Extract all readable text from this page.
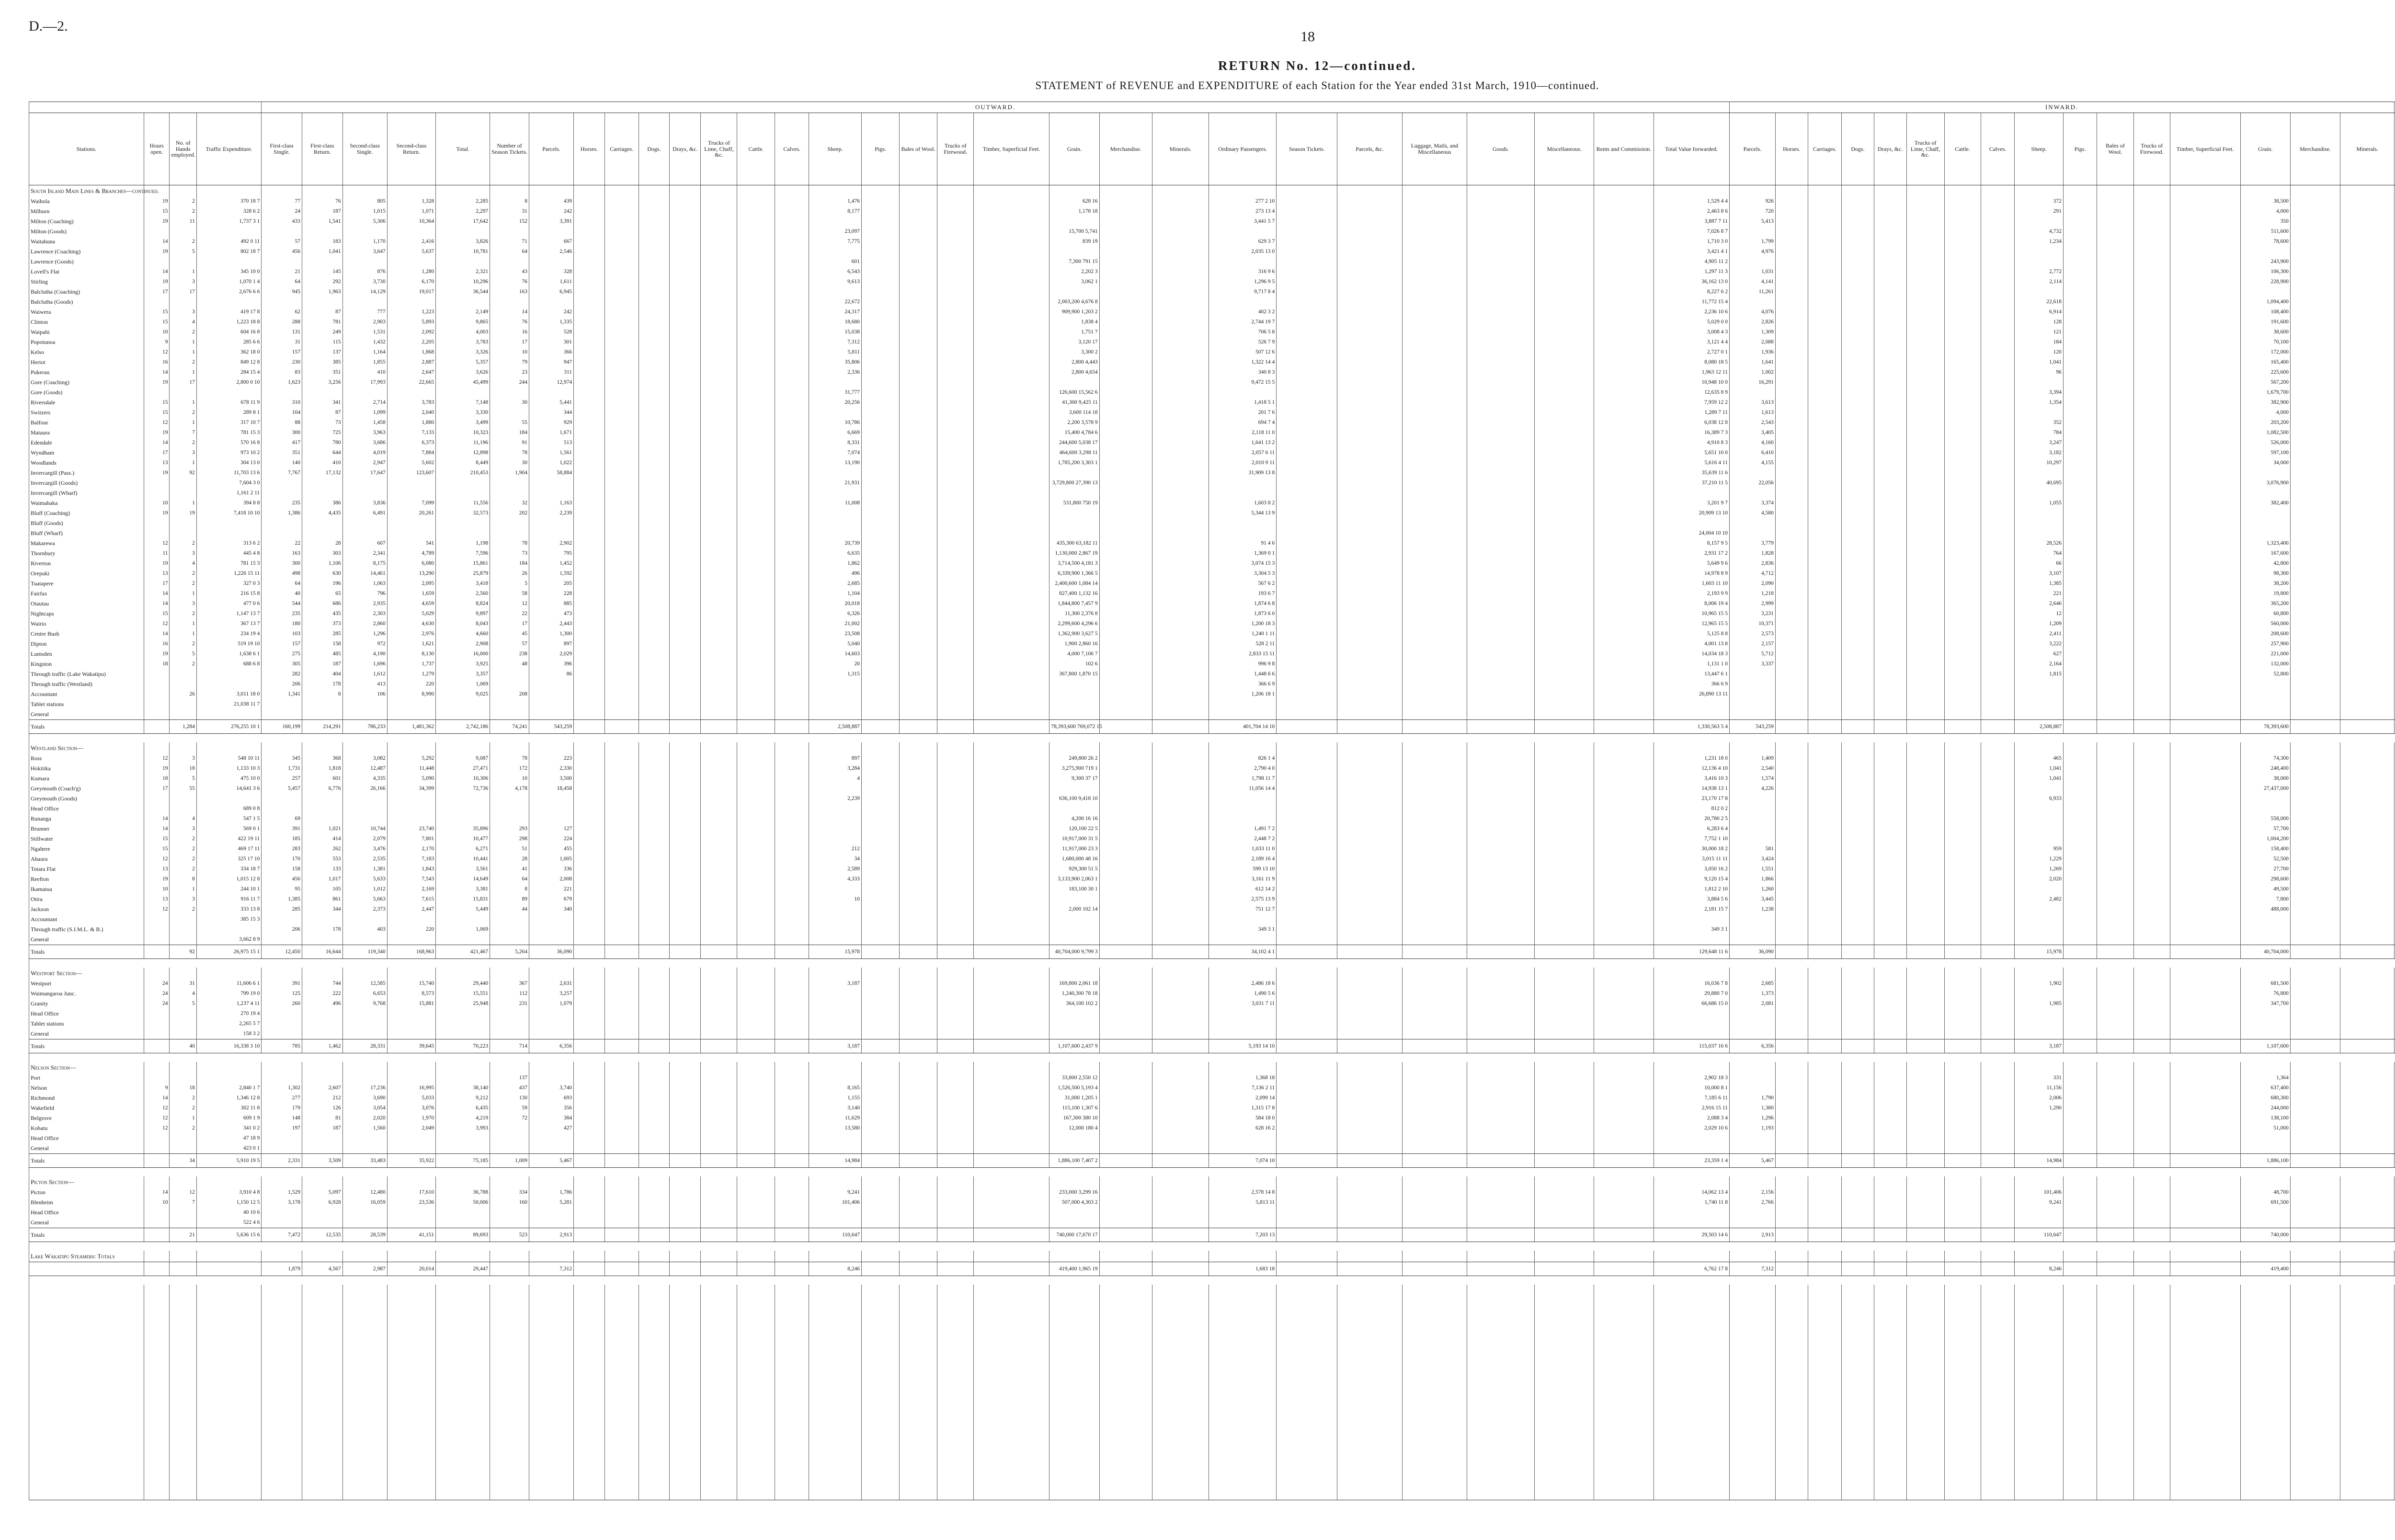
D.—2.
18
RETURN No. 12—continued.
STATEMENT of REVENUE and EXPENDITURE of each Station for the Year ended 31st March, 1910—continued.
				OUTWARD.																														INWARD.																
Stations.	Hours open.	No. of Hands employed.	Traffic Expenditure.	First-class Single.	First-class Return.	Second-class Single.	Second-class Return.	Total.	Number of Season Tickets.	Parcels.	Horses.	Carriages.	Dogs.	Drays, &c.	Trucks of Lime, Chaff, &c.	Cattle.	Calves.	Sheep.	Pigs.	Bales of Wool.	Trucks of Firewood.	Timber, Superficial Feet.	Grain.	Merchandise.	Minerals.	Ordinary Passengers.	Season Tickets.	Parcels, &c.	Luggage, Mails, and Miscellaneous	Goods.	Miscellaneous.	Rents and Commission.	Total Value forwarded.	Parcels.	Horses.	Carriages.	Dogs.	Drays, &c.	Trucks of Lime, Chaff, &c.	Cattle.	Calves.	Sheep.	Pigs.	Bales of Wool.	Trucks of Firewood.	Timber, Superficial Feet.	Grain.	Merchandise.	Minerals.	
South Island Main Lines & Branches—continued.																																																		
Waihola	19	2	370 18 7	77	76	805	1,328	2,285	8	439								1,476					628 16			277 2 10							1,529 4 4	926								372					38,500			
Milburn	15	2	328 6 2	24	187	1,015	1,071	2,297	31	242								8,177					1,178 18			273 13 4							2,463 8 6	720								291					4,000			
Milton (Coaching)	19	11	1,737 3 1	433	1,541	5,306	10,364	17,642	152	3,391																3,441 5 7							3,887 7 11	5,413													350			
Milton (Goods)																		23,097					15,700 5,741										7,026 8 7									4,732					511,600			
Waitahuna	14	2	492 0 11	57	183	1,170	2,416	3,826	71	667								7,775					839 19			629 3 7							1,710 3 0	1,799								1,234					78,600			
Lawrence (Coaching)	19	5	802 18 7	456	1,041	3,647	5,637	10,781	64	2,546																2,035 13 0							3,421 4 1	4,976																
Lawrence (Goods)																		601					7,300 791 15										4,905 11 2														243,900			
Lovell's Flat	14	1	345 10 0	21	145	876	1,280	2,321	43	328								6,543					2,202 3			316 9 6							1,297 11 3	1,031								2,772					106,300			
Stirling	19	3	1,070 1 4	64	292	3,730	6,170	10,296	76	1,611								9,613					3,062 1			1,296 9 5							36,162 13 0	4,141								2,114					228,900			
Balclutha (Coaching)	17	17	2,676 6 6	945	1,963	14,129	19,017	36,544	163	6,945																9,717 8 4							8,227 6 2	11,261																
Balclutha (Goods)																		22,672					2,003,200 4,676 8										11,772 15 4									22,618					1,094,400			
Waiwera	15	3	419 17 8	62	87	777	1,223	2,149	14	242								24,317					909,900 1,203 2			402 3 2							2,236 10 6	4,076								6,914					108,400			
Clinton	15	4	1,223 18 8	288	781	2,903	5,893	9,865	76	1,335								18,680					1,838 4			2,744 19 7							5,029 0 0	2,826								128					191,600			
Waipahi	10	2	604 16 8	131	249	1,531	2,092	4,003	16	528								15,038					1,751 7			706 5 8							3,008 4 3	1,309								121					38,600			
Popotunoa	9	1	285 6 6	31	115	1,432	2,205	3,783	17	301								7,312					3,120 17			526 7 9							3,121 4 4	2,088								184					70,100			
Kelso	12	1	362 18 0	157	137	1,164	1,868	3,326	10	366								5,811					3,300 2			507 12 6							2,727 0 1	1,936								120					172,000			
Heriot	16	2	849 12 8	230	385	1,855	2,887	5,357	79	947								35,806					2,800 4,443			1,322 14 4							8,080 18 5	1,641								1,041					165,400			
Pukerau	14	1	284 15 4	83	351	410	2,647	3,626	23	311								2,336					2,800 4,654			340 8 3							1,963 12 11	1,002								96					225,600			
Gore (Coaching)	19	17	2,800 0 10	1,623	3,256	17,993	22,665	45,499	244	12,974																9,472 15 5							10,948 10 0	16,291													567,200			
Gore (Goods)																		31,777					126,600 15,562 6										12,635 8 9									3,394					1,679,700			
Riversdale	15	1	678 11 9	310	341	2,714	3,783	7,148	30	5,441								20,256					41,300 9,425 11			1,418 5 1							7,959 12 2	3,613								1,354					382,900			
Switzers	15	2	289 8 1	104	87	1,099	2,040	3,330		344													3,600 114 18			201 7 6							1,289 7 11	1,613													4,000			
Balfour	12	1	317 10 7	88	73	1,458	1,880	3,499	55	929								10,786					2,200 3,578 9			694 7 4							6,038 12 8	2,543								352					203,200			
Mataura	19	7	781 15 3	300	725	3,963	7,133	10,323	184	1,671								6,669					15,400 4,784 6			2,118 11 0							16,389 7 3	3,405								784					1,082,500			
Edendale	14	2	570 16 8	417	780	3,686	6,373	11,196	91	513								8,331					244,600 5,038 17			1,641 13 2							4,910 8 3	4,160								3,247					526,000			
Wyndham	17	3	973 10 2	351	644	4,019	7,884	12,898	78	1,561								7,074					464,600 3,298 11			2,057 6 11							5,651 10 0	6,410								3,182					597,100			
Woodlands	13	1	304 13 0	140	410	2,947	5,602	8,449	30	1,022								13,190					1,785,200 3,303 1			2,010 9 11							5,616 4 11	4,155								10,297					34,000			
Invercargill (Pass.)	19	92	11,703 13 6	7,767	17,132	17,647	123,607	210,453	1,904	58,884																31,909 13 8							35,639 11 6																	
Invercargill (Goods)			7,604 3 0															21,931					3,729,800 27,390 13										37,210 11 5	22,056								40,695					3,076,900			
Invercargill (Wharf)			1,161 2 11																																															
Waimahaka	10	1	394 8 8	235	386	3,836	7,099	11,556	32	1,163								11,008					531,800 750 19			1,603 8 2							3,201 9 7	3,374								1,055					382,400			
Bluff (Coaching)	19	19	7,418 10 10	1,386	4,435	6,491	20,261	32,573	202	2,239																5,344 13 9							20,909 13 10	4,580																
Bluff (Goods)																																																		
Bluff (Wharf)																																	24,004 10 10																	
Makarewa	12	2	313 6 2	22	28	607	541	1,198	78	2,902								20,739					435,300 63,182 11			91 4 6							8,157 9 5	3,779								28,526					1,323,400			
Thornbury	11	3	445 4 8	163	303	2,341	4,789	7,596	73	795								6,635					1,130,000 2,867 19			1,369 0 1							2,931 17 2	1,828								764					167,600			
Riverton	19	4	781 15 3	300	1,106	8,175	6,080	15,861	184	1,452								1,862					3,714,500 4,181 3			3,074 15 3							5,649 9 6	2,836								66					42,800			
Orepuki	13	2	1,226 15 11	498	630	14,461	13,290	25,879	26	1,592								496					6,339,900 1,366 5			3,304 5 3							14,978 8 9	4,712								3,107					98,300			
Tuatapere	17	2	327 0 3	64	196	1,063	2,095	3,418	5	205								2,685					2,400,600 1,084 14			567 6 2							1,603 11 10	2,090								1,385					38,200			
Fairfax	14	1	216 15 8	40	65	796	1,659	2,560	58	228								1,104					827,400 1,132 16			193 6 7							2,193 9 9	1,218								221					19,800			
Otautau	14	3	477 0 6	544	686	2,935	4,659	8,824	12	885								20,018					1,844,800 7,457 9			1,874 6 8							8,006 19 4	2,999								2,646					365,200			
Nightcaps	15	2	1,147 13 7	235	435	2,303	5,029	9,897	22	473								6,326					11,300 2,376 8			1,873 6 0							10,965 15 5	3,231								12					60,800			
Wairio	12	1	367 13 7	180	373	2,860	4,630	8,043	17	2,443								21,002					2,299,600 4,296 6			1,200 18 3							12,965 15 5	10,371								1,209					560,000			
Centre Bush	14	1	234 19 4	103	285	1,296	2,976	4,660	45	1,300								23,508					1,362,900 3,627 5			1,240 1 11							5,125 8 8	2,573								2,411					208,600			
Dipton	16	2	519 19 10	157	158	972	1,621	2,908	57	897								5,040					1,900 2,860 16			528 2 11							4,001 13 8	2,157								3,222					257,900			
Lumsden	19	5	1,638 6 1	275	485	4,190	8,130	16,000	238	2,029								14,603					4,000 7,106 7			2,833 15 11							14,034 18 3	5,712								627					221,000			
Kingston	18	2	688 6 8	305	187	1,696	1,737	3,925	48	396								20					102 6			996 9 8							1,131 1 0	3,337								2,164					132,000			
Through traffic (Lake Wakatipu)				282	404	1,612	1,279	3,357		86								1,315					367,800 1,870 15			1,448 6 6							13,447 6 1									1,815					52,800			
Through traffic (Westland)				206	178	413	220	1,069																		366 6 9							366 6 9																	
Accountant		26	3,011 18 0	1,341	8	106	8,990	9,025	208																	1,206 18 1							26,890 13 11																	
Tablet stations			21,038 11 7																																															
General																																																		
Totals		1,284	276,255 10 1	160,199	214,291	786,233	1,481,362	2,742,186	74,241	543,259								2,508,887					78,393,600 769,072 15			401,704 14 10							1,330,563 5 4	543,259								2,508,887					78,393,600			

Westland Section—																																																		
Ross	12	3	548 10 11	345	368	3,082	5,292	9,087	78	223								897					249,800 26 2			826 1 4							1,231 18 0	1,409								465					74,300			
Hokitika	19	18	1,133 10 3	1,731	1,818	12,487	11,448	27,471	172	2,330								3,284					3,275,900 719 1			2,790 4 0							12,136 4 10	2,540								1,041					248,400			
Kumara	18	5	475 10 0	257	601	4,335	5,090	10,306	10	3,500								4					9,300 37 17			1,798 11 7							3,416 10 3	1,574								1,041					38,000			
Greymouth (Coach'g)	17	55	14,641 3 6	5,457	6,776	26,166	34,399	72,736	4,178	18,458																11,056 14 4							14,938 13 1	4,226													27,437,000			
Greymouth (Goods)																		2,239					636,100 9,418 10										23,170 17 8									6,933								
Head Office			689 0 8																														812 0 2																	
Runanga	14	4	547 1 5	69																			4,200 16 16										20,780 2 5														558,000			
Brunner	14	3	569 0 1	391	1,021	10,744	23,740	35,896	293	127													120,100 22 5			1,491 7 2							6,283 6 4														57,700			
Stillwater	15	2	422 19 11	185	414	2,079	7,801	10,477	298	224													10,917,000 31 5			2,448 7 2							7,752 1 10														1,004,200			
Ngahere	15	2	469 17 11	283	262	3,476	2,170	6,271	51	455								212					11,917,000 23 3			1,033 11 0							30,000 18 2	581								959					158,400			
Ahaura	12	2	325 17 10	170	553	2,535	7,183	10,441	28	1,005								34					1,680,000 48 16			2,189 16 4							3,015 11 11	3,424								1,229					52,500			
Totara Flat	13	2	334 18 7	158	133	1,381	1,843	3,561	41	336								2,589					929,300 51 5			599 13 10							3,050 16 2	1,551								1,269					27,700			
Reefton	19	8	1,015 12 8	456	1,017	5,633	7,543	14,649	64	2,008								4,333					3,133,900 2,063 1			3,161 11 9							9,120 15 4	1,866								2,020					298,600			
Ikamatua	10	1	244 10 1	95	105	1,012	2,169	3,381	8	221													183,100 30 1			612 14 2							1,812 2 10	1,260													49,500			
Otira	13	3	916 11 7	1,385	861	5,663	7,615	15,831	89	679								10								2,575 13 9							3,884 5 6	3,445								2,482					7,800			
Jackson	12	2	333 13 8	285	344	2,373	2,447	5,449	44	340													2,000 102 14			751 12 7							2,181 15 7	1,238													488,000			
Accountant			385 15 3																																															
Through traffic (S.I.M.L. & B.)				206	178	403	220	1,069																		349 3 1							349 3 1																	
General			3,662 8 9																																															
Totals		92	26,975 15 1	12,450	16,644	119,340	168,963	421,467	5,264	36,090								15,978					40,704,000 9,799 3			34,102 4 1							129,648 11 6	36,090								15,978					40,704,000			

Westport Section—																																																		
Westport	24	31	11,606 6 1	391	744	12,585	15,740	29,440	367	2,631								3,187					169,800 2,061 18			2,486 18 6							16,036 7 8	2,685								1,902					681,500			
Waimangaroa Junc.	24	4	799 19 0	125	222	6,653	8,573	15,551	112	3,257													1,240,300 78 18			1,490 5 6							29,880 7 0	1,373													76,800			
Granity	24	5	1,237 4 11	260	496	9,768	15,881	25,948	231	1,079													364,100 102 2			3,031 7 11							66,686 15 0	2,081								1,985					347,700			
Head Office			270 19 4																																															
Tablet stations			2,265 5 7																																															
General			158 3 2																																															
Totals		40	16,338 3 10	785	1,462	28,331	39,645	70,223	714	6,356								3,187					1,107,600 2,437 9			5,193 14 10							115,037 16 6	6,356								3,187					1,107,600			

Nelson Section—																																																		
Port									137														33,800 2,550 12			1,368 18							2,902 18 3									331					1,364			
Nelson	9	18	2,840 1 7	1,302	2,607	17,236	16,995	38,140	437	3,740								8,165					1,526,500 5,193 4			7,136 2 11							10,000 8 1									11,156					637,400			
Richmond	14	2	1,346 12 8	277	212	3,690	5,033	9,212	130	693								1,155					31,000 1,205 1			2,099 14							7,185 6 11	1,790								2,006					680,300			
Wakefield	12	2	302 11 8	179	126	3,054	3,076	6,435	59	356								3,140					115,100 1,307 6			1,315 17 8							2,916 15 11	1,380								1,290					244,000			
Belgrove	12	1	609 1 9	148	81	2,020	1,970	4,219	72	384								11,629					167,300 380 10			584 18 0							2,088 3 4	1,296													138,100			
Kohatu	12	2	341 0 2	197	187	1,560	2,049	3,993		427								13,580					12,000 180 4			628 16 2							2,029 10 6	1,193													51,000			
Head Office			47 18 9																																															
General			423 0 1																																															
Totals		34	5,910 19 5	2,331	3,509	33,483	35,922	75,185	1,009	5,467								14,984					1,886,100 7,407 2			7,074 10							23,359 1 4	5,467								14,984					1,886,100			

Picton Section—																																																		
Picton	14	12	3,910 4 8	1,529	5,097	12,480	17,610	36,788	334	1,786								9,241					233,000 3,299 16			2,578 14 8							14,062 13 4	2,156								101,406					48,700			
Blenheim	10	7	1,150 12 5	3,178	6,928	16,059	23,536	50,006	160	5,281								101,406					507,000 4,303 2			5,813 11							1,740 11 8	2,766								9,241					691,500			
Head Office			40 10 6																																															
General			522 4 6																																															
Totals		21	5,636 15 6	7,472	12,535	28,539	41,151	89,693	523	2,913								110,647					740,000 17,670 17			7,203 13							29,503 14 6	2,913								110,647					740,000			

Lake Wakatipu Steamers: Totals																																																		
				1,879	4,567	2,987	20,014	29,447		7,312								8,246					419,400 1,965 19			1,683 18							6,762 17 8	7,312								8,246					419,400			
